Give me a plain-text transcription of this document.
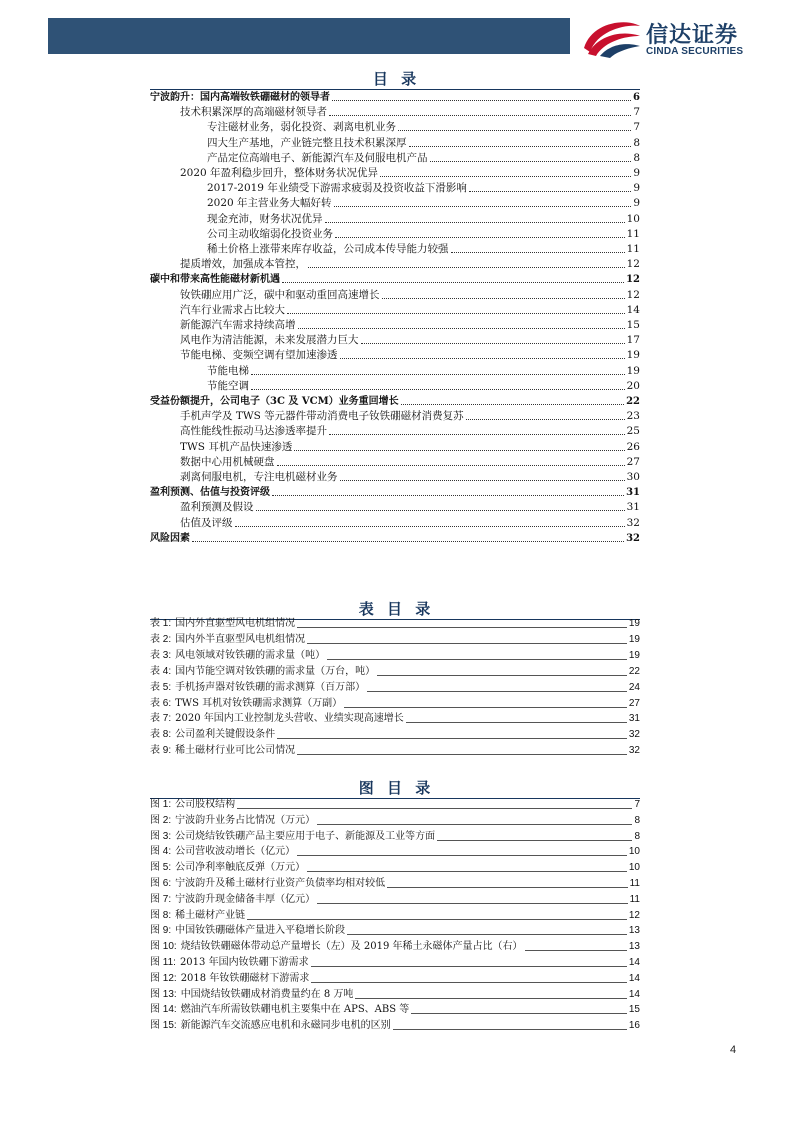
信达证券
CINDA SECURITIES
目 录
宁波韵升：国内高端钕铁硼磁材的领导者	6
技术积累深厚的高端磁材领导者	7
专注磁材业务，弱化投资、剥离电机业务	7
四大生产基地，产业链完整且技术积累深厚	8
产品定位高端电子、新能源汽车及伺服电机产品	8
2020 年盈利稳步回升，整体财务状况优异	9
2017-2019 年业绩受下游需求疲弱及投资收益下滑影响	9
2020 年主营业务大幅好转	9
现金充沛，财务状况优异	10
公司主动收缩弱化投资业务	11
稀土价格上涨带来库存收益，公司成本传导能力较强	11
提质增效，加强成本管控，	12
碳中和带来高性能磁材新机遇	12
钕铁硼应用广泛，碳中和驱动重回高速增长	12
汽车行业需求占比较大	14
新能源汽车需求持续高增	15
风电作为清洁能源，未来发展潜力巨大	17
节能电梯、变频空调有望加速渗透	19
节能电梯	19
节能空调	20
受益份额提升，公司电子（3C 及 VCM）业务重回增长	22
手机声学及 TWS 等元器件带动消费电子钕铁硼磁材消费复苏	23
高性能线性振动马达渗透率提升	25
TWS 耳机产品快速渗透	26
数据中心用机械硬盘	27
剥离伺服电机，专注电机磁材业务	30
盈利预测、估值与投资评级	31
盈利预测及假设	31
估值及评级	32
风险因素	32
表 目 录
表 1: 国内外直驱型风电机组情况	19
表 2: 国内外半直驱型风电机组情况	19
表 3: 风电领域对钕铁硼的需求量（吨）	19
表 4: 国内节能空调对钕铁硼的需求量（万台，吨）	22
表 5: 手机扬声器对钕铁硼的需求测算（百万部）	24
表 6: TWS 耳机对钕铁硼需求测算（万副）	27
表 7: 2020 年国内工业控制龙头营收、业绩实现高速增长	31
表 8: 公司盈利关键假设条件	32
表 9: 稀土磁材行业可比公司情况	32
图 目 录
图 1: 公司股权结构	7
图 2: 宁波韵升业务占比情况（万元）	8
图 3: 公司烧结钕铁硼产品主要应用于电子、新能源及工业等方面	8
图 4: 公司营收波动增长（亿元）	10
图 5: 公司净利率触底反弹（万元）	10
图 6: 宁波韵升及稀土磁材行业资产负债率均相对较低	11
图 7: 宁波韵升现金储备丰厚（亿元）	11
图 8: 稀土磁材产业链	12
图 9: 中国钕铁硼磁体产量进入平稳增长阶段	13
图 10: 烧结钕铁硼磁体带动总产量增长（左）及 2019 年稀土永磁体产量占比（右）	13
图 11: 2013 年国内钕铁硼下游需求	14
图 12: 2018 年钕铁硼磁材下游需求	14
图 13: 中国烧结钕铁硼成材消费量约在 8 万吨	14
图 14: 燃油汽车所需钕铁硼电机主要集中在 APS、ABS 等	15
图 15: 新能源汽车交流感应电机和永磁同步电机的区别	16
4
